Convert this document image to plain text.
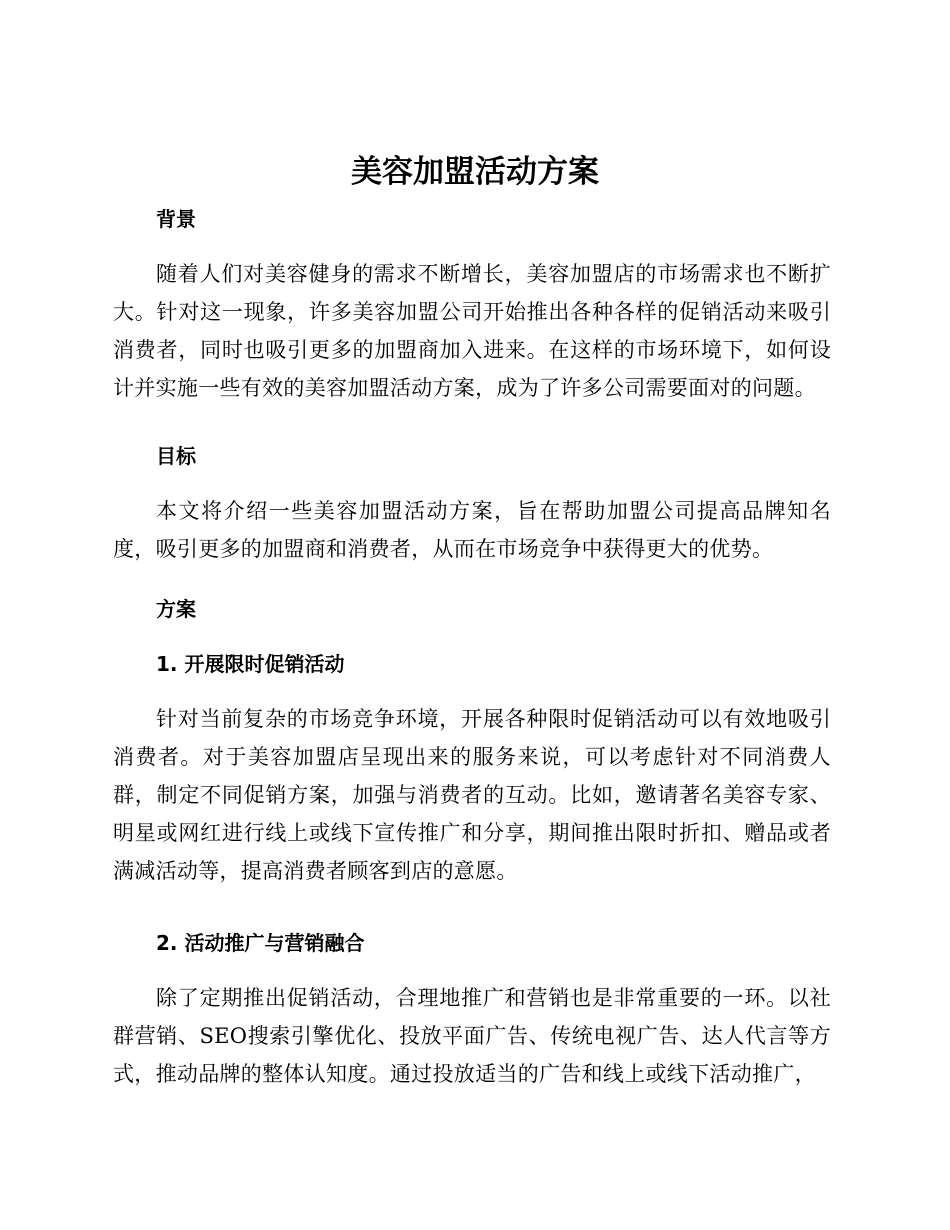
美容加盟活动方案
背景

随着人们对美容健身的需求不断增长，美容加盟店的市场需求也不断扩大。针对这一现象，许多美容加盟公司开始推出各种各样的促销活动来吸引消费者，同时也吸引更多的加盟商加入进来。在这样的市场环境下，如何设计并实施一些有效的美容加盟活动方案，成为了许多公司需要面对的问题。

目标

本文将介绍一些美容加盟活动方案，旨在帮助加盟公司提高品牌知名度，吸引更多的加盟商和消费者，从而在市场竞争中获得更大的优势。

方案
1. 开展限时促销活动

针对当前复杂的市场竞争环境，开展各种限时促销活动可以有效地吸引消费者。对于美容加盟店呈现出来的服务来说，可以考虑针对不同消费人群，制定不同促销方案，加强与消费者的互动。比如，邀请著名美容专家、明星或网红进行线上或线下宣传推广和分享，期间推出限时折扣、赠品或者满减活动等，提高消费者顾客到店的意愿。

2. 活动推广与营销融合

除了定期推出促销活动，合理地推广和营销也是非常重要的一环。以社群营销、SEO搜索引擎优化、投放平面广告、传统电视广告、达人代言等方式，推动品牌的整体认知度。通过投放适当的广告和线上或线下活动推广，
